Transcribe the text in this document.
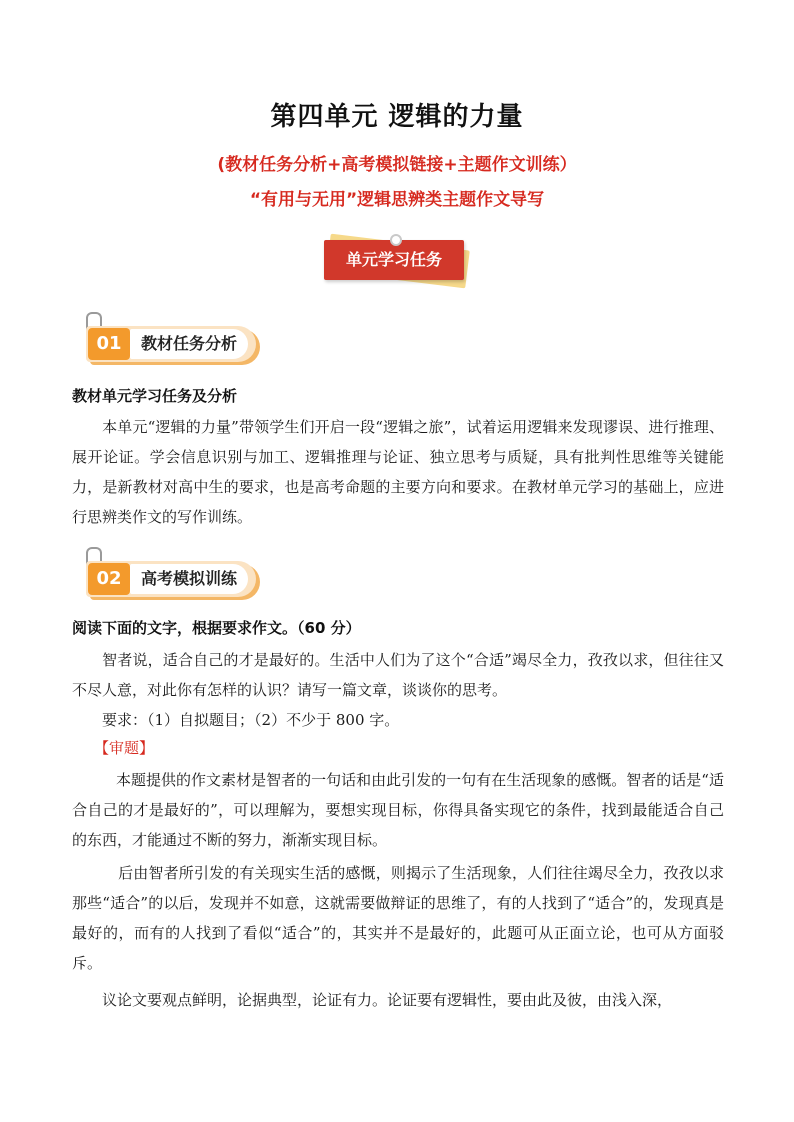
第四单元 逻辑的力量
(教材任务分析+高考模拟链接+主题作文训练）
“有用与无用”逻辑思辨类主题作文导写
单元学习任务
01	教材任务分析
教材单元学习任务及分析
本单元“逻辑的力量”带领学生们开启一段“逻辑之旅”，试着运用逻辑来发现谬误、进行推理、展开论证。学会信息识别与加工、逻辑推理与论证、独立思考与质疑，具有批判性思维等关键能力，是新教材对高中生的要求，也是高考命题的主要方向和要求。在教材单元学习的基础上，应进行思辨类作文的写作训练。
02	高考模拟训练
阅读下面的文字，根据要求作文。（60 分）
智者说，适合自己的才是最好的。生活中人们为了这个“合适”竭尽全力，孜孜以求，但往往又不尽人意，对此你有怎样的认识？请写一篇文章，谈谈你的思考。
要求：（1）自拟题目；（2）不少于 800 字。
【审题】
本题提供的作文素材是智者的一句话和由此引发的一句有在生活现象的感慨。智者的话是“适合自己的才是最好的”，可以理解为，要想实现目标，你得具备实现它的条件，找到最能适合自己的东西，才能通过不断的努力，渐渐实现目标。
后由智者所引发的有关现实生活的感慨，则揭示了生活现象，人们往往竭尽全力，孜孜以求那些“适合”的以后，发现并不如意，这就需要做辩证的思维了，有的人找到了“适合”的，发现真是最好的，而有的人找到了看似“适合”的，其实并不是最好的，此题可从正面立论，也可从方面驳斥。
议论文要观点鲜明，论据典型，论证有力。论证要有逻辑性，要由此及彼，由浅入深，
